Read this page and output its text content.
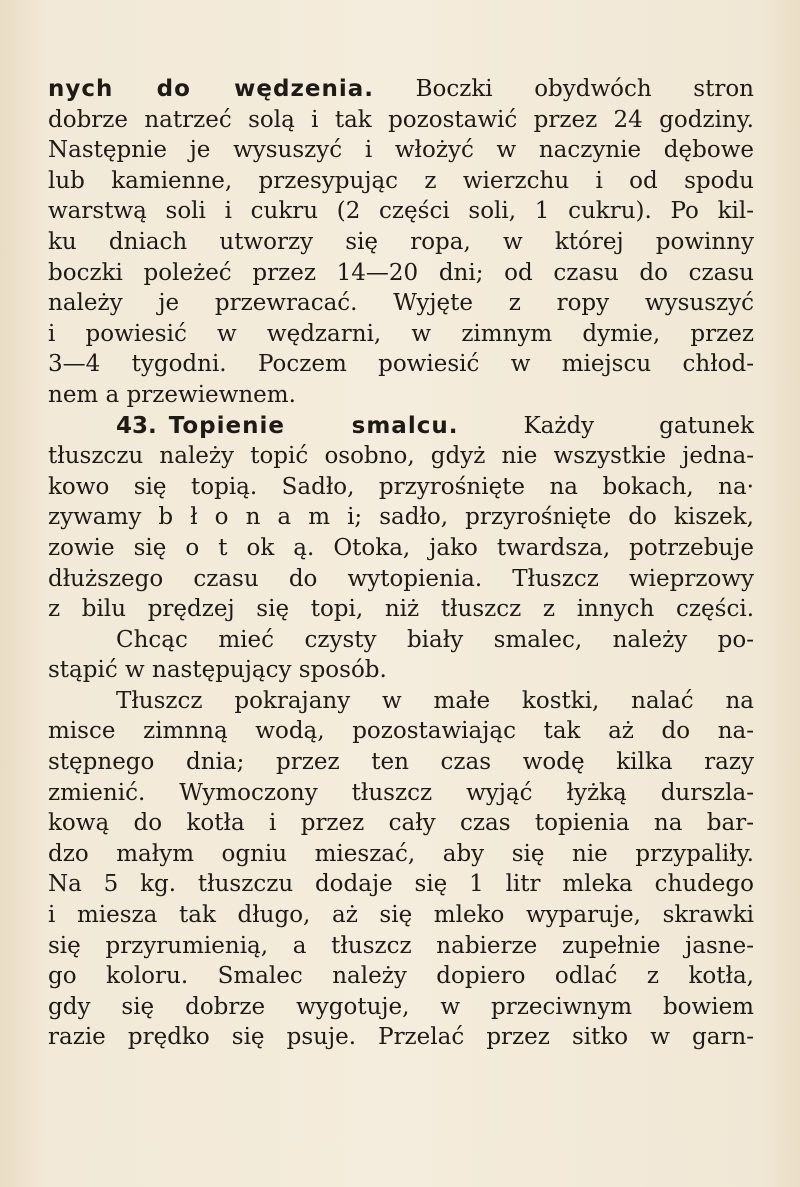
nych do wędzenia. Boczki obydwóch stron
dobrze natrzeć solą i tak pozostawić przez 24 godziny.
Następnie je wysuszyć i włożyć w naczynie dębowe
lub kamienne, przesypując z wierzchu i od spodu
warstwą soli i cukru (2 części soli, 1 cukru). Po kil-
ku dniach utworzy się ropa, w której powinny
boczki poleżeć przez 14—20 dni; od czasu do czasu
należy je przewracać. Wyjęte z ropy wysuszyć
i powiesić w wędzarni, w zimnym dymie, przez
3—4 tygodni. Poczem powiesić w miejscu chłod-
nem a przewiewnem.
43. Topienie smalcu.	Każdy gatunek
tłuszczu należy topić osobno, gdyż nie wszystkie jedna-
kowo się topią. Sadło, przyrośnięte na bokach, na·
zywamy b ł o n a m i; sadło, przyrośnięte do kiszek,
zowie się o t ok ą. Otoka, jako twardsza, potrzebuje
dłuższego czasu do wytopienia. Tłuszcz wieprzowy
z bilu prędzej się topi, niż tłuszcz z innych części.
Chcąc mieć czysty biały smalec, należy po-
stąpić w następujący sposób.
Tłuszcz pokrajany w małe kostki, nalać na
misce zimnną wodą, pozostawiając tak aż do na-
stępnego dnia; przez ten czas wodę kilka razy
zmienić. Wymoczony tłuszcz wyjąć łyżką durszla-
kową do kotła i przez cały czas topienia na bar-
dzo małym ogniu mieszać, aby się nie przypaliły.
Na 5 kg. tłuszczu dodaje się 1 litr mleka chudego
i miesza tak długo, aż się mleko wyparuje, skrawki
się przyrumienią, a tłuszcz nabierze zupełnie jasne-
go koloru. Smalec należy dopiero odlać z kotła,
gdy się dobrze wygotuje, w przeciwnym bowiem
razie prędko się psuje. Przelać przez sitko w garn-
